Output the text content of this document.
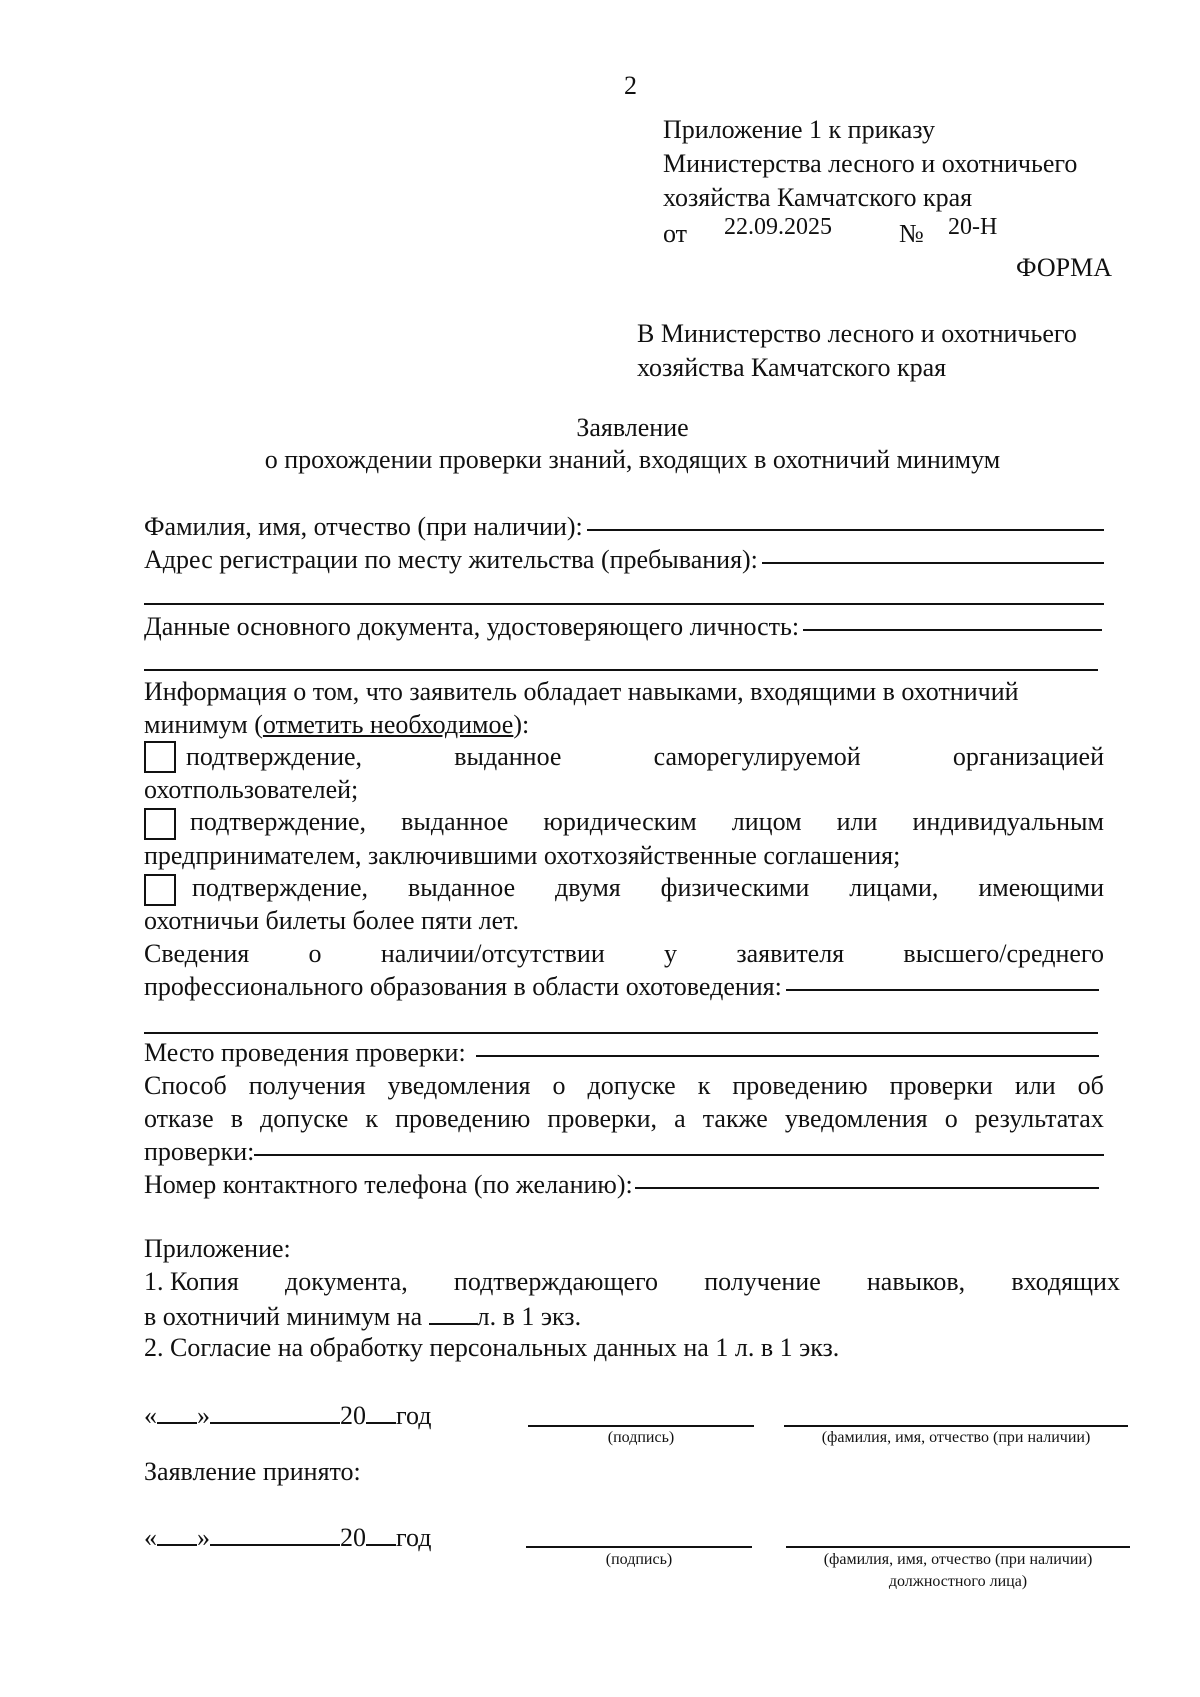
2
Приложение 1 к приказу
Министерства лесного и охотничьего
хозяйства Камчатского края
от 22.09.2025	№ 20-Н
ФОРМА
В Министерство лесного и охотничьего
хозяйства Камчатского края
Заявление
о прохождении проверки знаний, входящих в охотничий минимум
Фамилия, имя, отчество (при наличии):
Адрес регистрации по месту жительства (пребывания):
Данные основного документа, удостоверяющего личность:
Информация о том, что заявитель обладает навыками, входящими в охотничий
минимум (отметить необходимое):
подтверждение,	выданное	саморегулируемой	организацией
охотпользователей;
подтверждение, выданное юридическим лицом или индивидуальным
предпринимателем, заключившими охотхозяйственные соглашения;
подтверждение, выданное двумя физическими лицами, имеющими
охотничьи билеты более пяти лет.
Сведения о наличии/отсутствии у заявителя высшего/среднего
профессионального образования в области охотоведения:
Место проведения проверки:
Способ получения уведомления о допуске к проведению проверки или об
отказе в допуске к проведению проверки, а также уведомления о результатах
проверки:
Номер контактного телефона (по желанию):
Приложение:
1. Копия документа, подтверждающего получение навыков, входящих
в охотничий минимум на л. в 1 экз.
2. Согласие на обработку персональных данных на 1 л. в 1 экз.
« »	20 год
(подпись)	(фамилия, имя, отчество (при наличии)
Заявление принято:
« »	20 год
(подпись)	(фамилия, имя, отчество (при наличии)
должностного лица)
